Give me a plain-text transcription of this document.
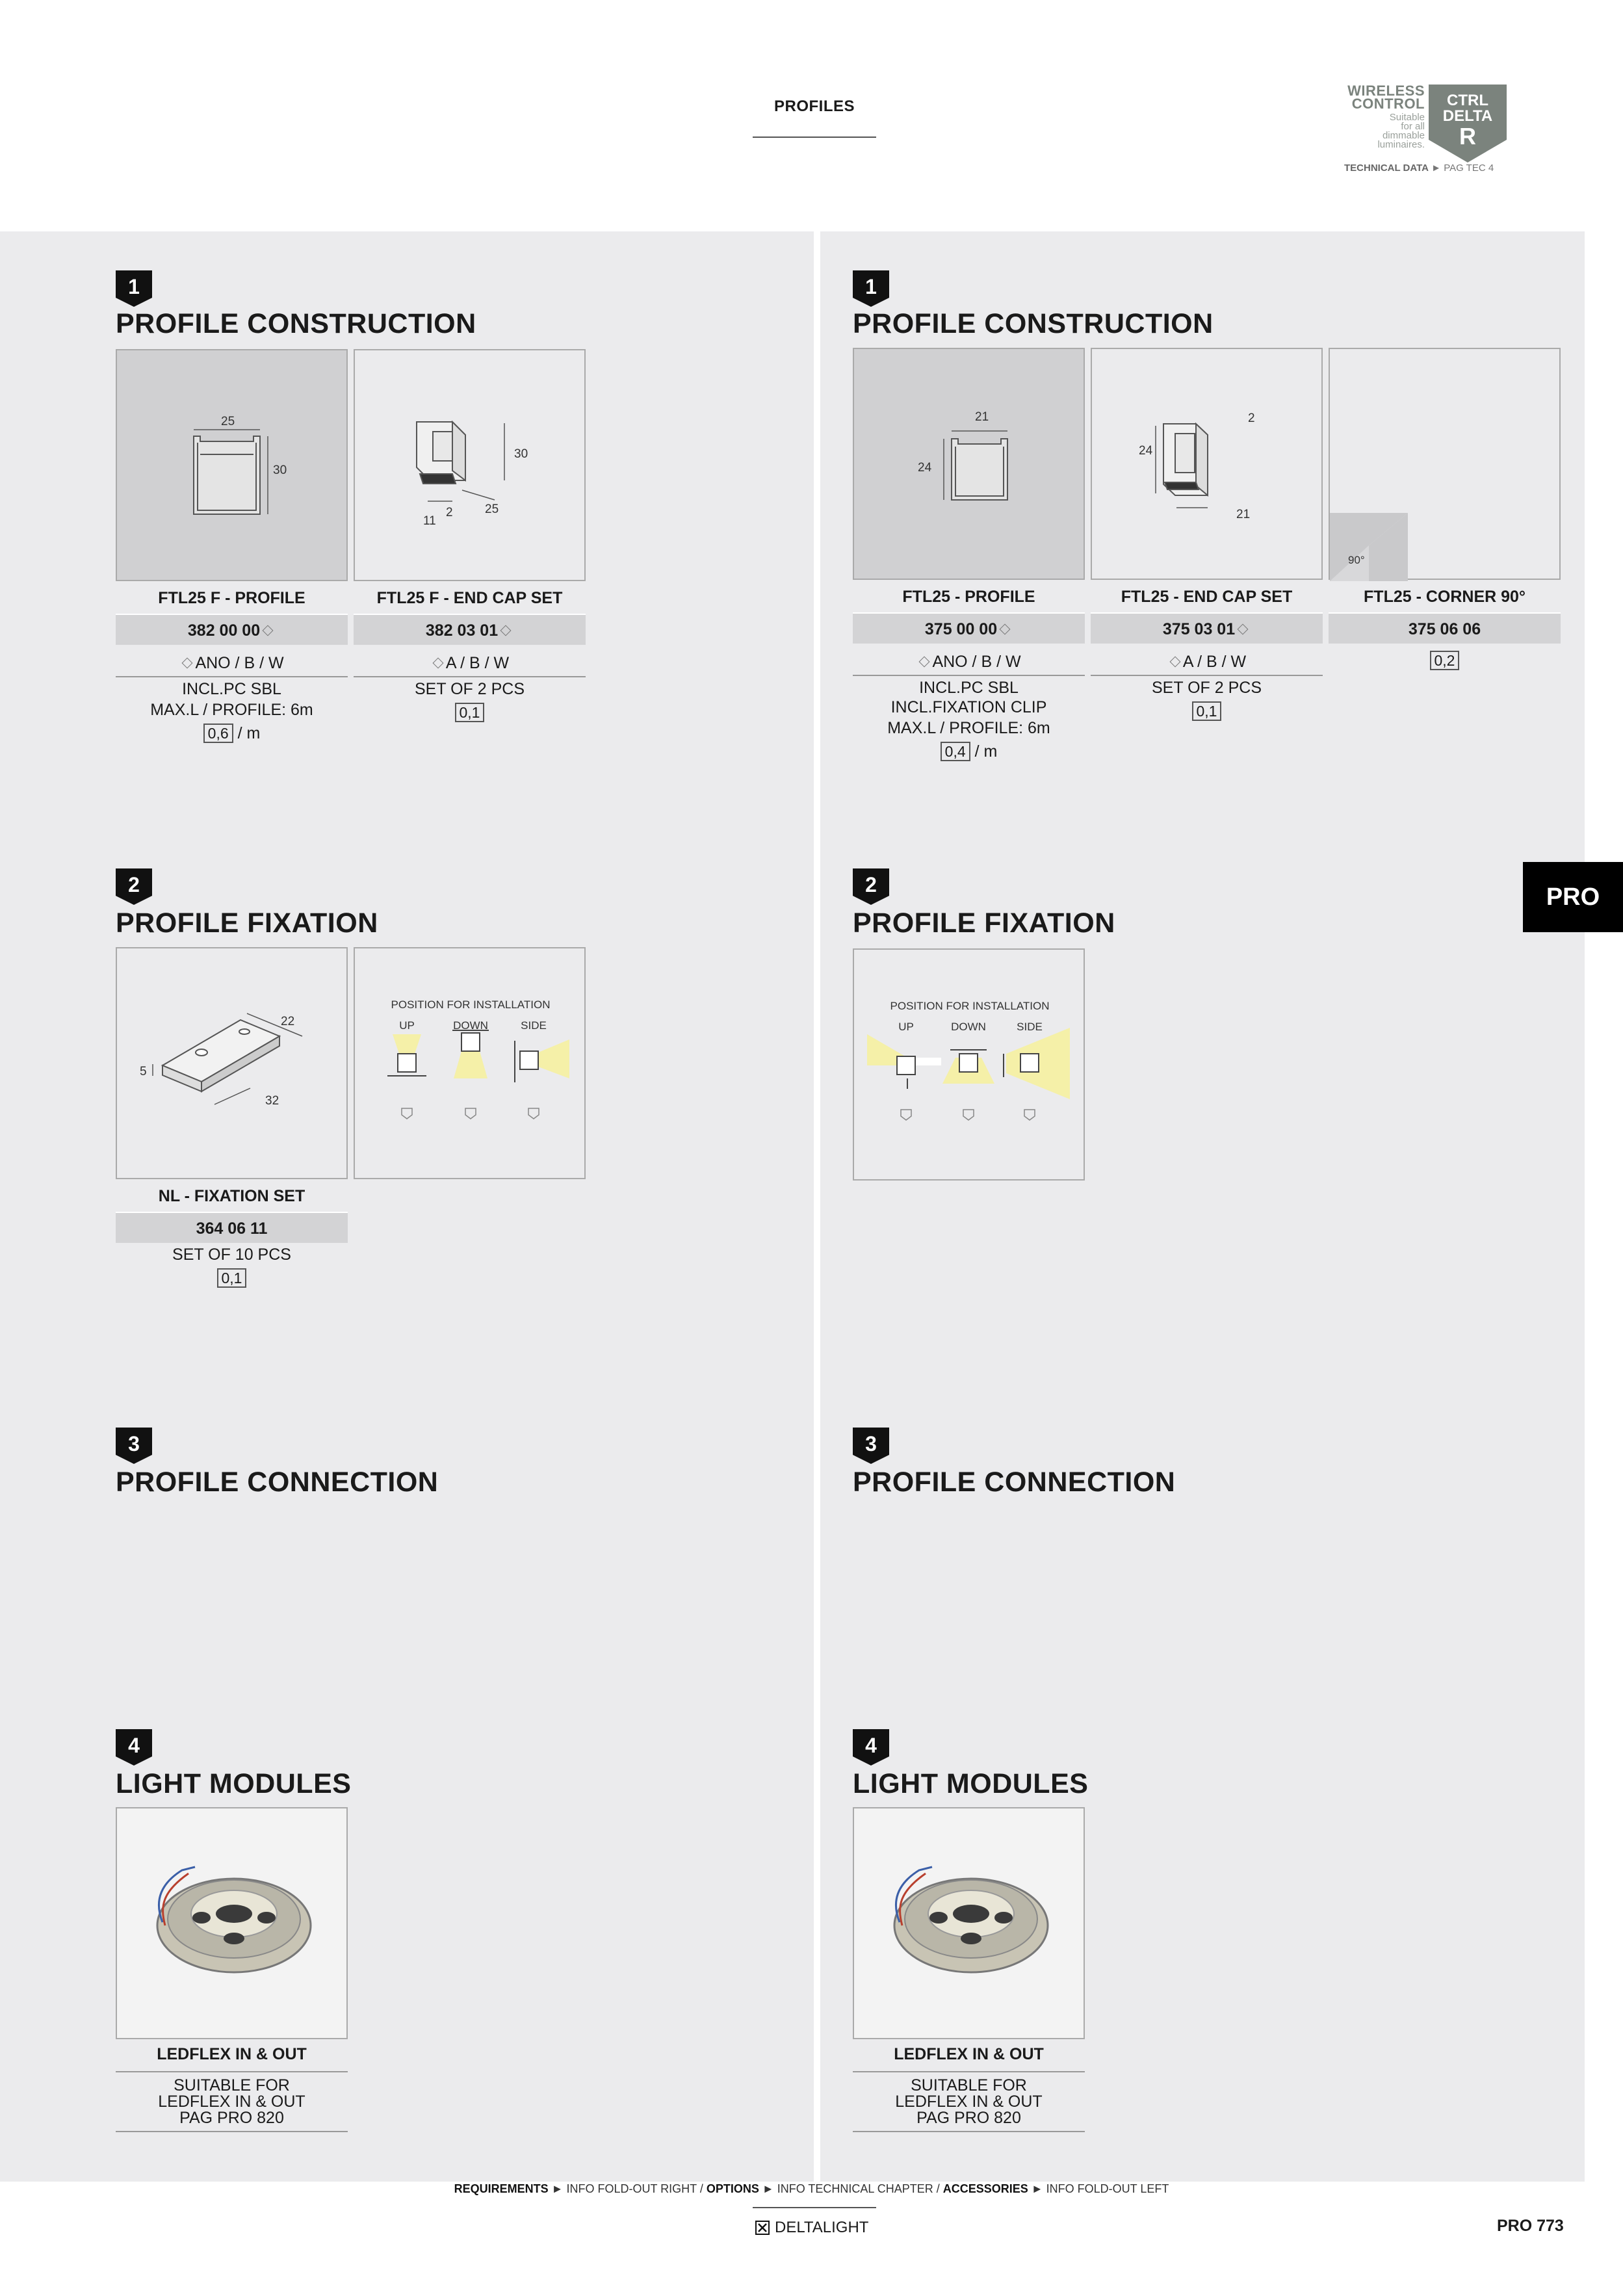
PROFILES
WIRELESS
CONTROL
Suitable
for all
dimmable
luminaires.
CTRL
DELTA
R
TECHNICAL DATA ► PAG TEC 4
1
PROFILE CONSTRUCTION
25
30
30
2
11
25
FTL25 F - PROFILE
382 00 00
ANO / B / W
INCL.PC SBL
MAX.L / PROFILE: 6m
0,6 / m
FTL25 F - END CAP SET
382 03 01
A / B / W
SET OF 2 PCS
0,1
2
PROFILE FIXATION
22
5
32
POSITION FOR INSTALLATION
UP	DOWN	SIDE
NL - FIXATION SET
364 06 11
SET OF 10 PCS
0,1
3
PROFILE CONNECTION
4
LIGHT MODULES
LEDFLEX IN & OUT
SUITABLE FOR
LEDFLEX IN & OUT
PAG PRO 820
1
PROFILE CONSTRUCTION
21
24
24
2
21
90°
FTL25 - PROFILE
375 00 00
ANO / B / W
INCL.PC SBL
INCL.FIXATION CLIP
MAX.L / PROFILE: 6m
0,4 / m
FTL25 - END CAP SET
375 03 01
A / B / W
SET OF 2 PCS
0,1
FTL25 - CORNER 90°
375 06 06
0,2
2
PROFILE FIXATION
POSITION FOR INSTALLATION
UP	DOWN	SIDE
3
PROFILE CONNECTION
4
LIGHT MODULES
LEDFLEX IN & OUT
SUITABLE FOR
LEDFLEX IN & OUT
PAG PRO 820
PRO
REQUIREMENTS ► INFO FOLD-OUT RIGHT / OPTIONS ► INFO TECHNICAL CHAPTER / ACCESSORIES ► INFO FOLD-OUT LEFT
DELTALIGHT	PRO 773
